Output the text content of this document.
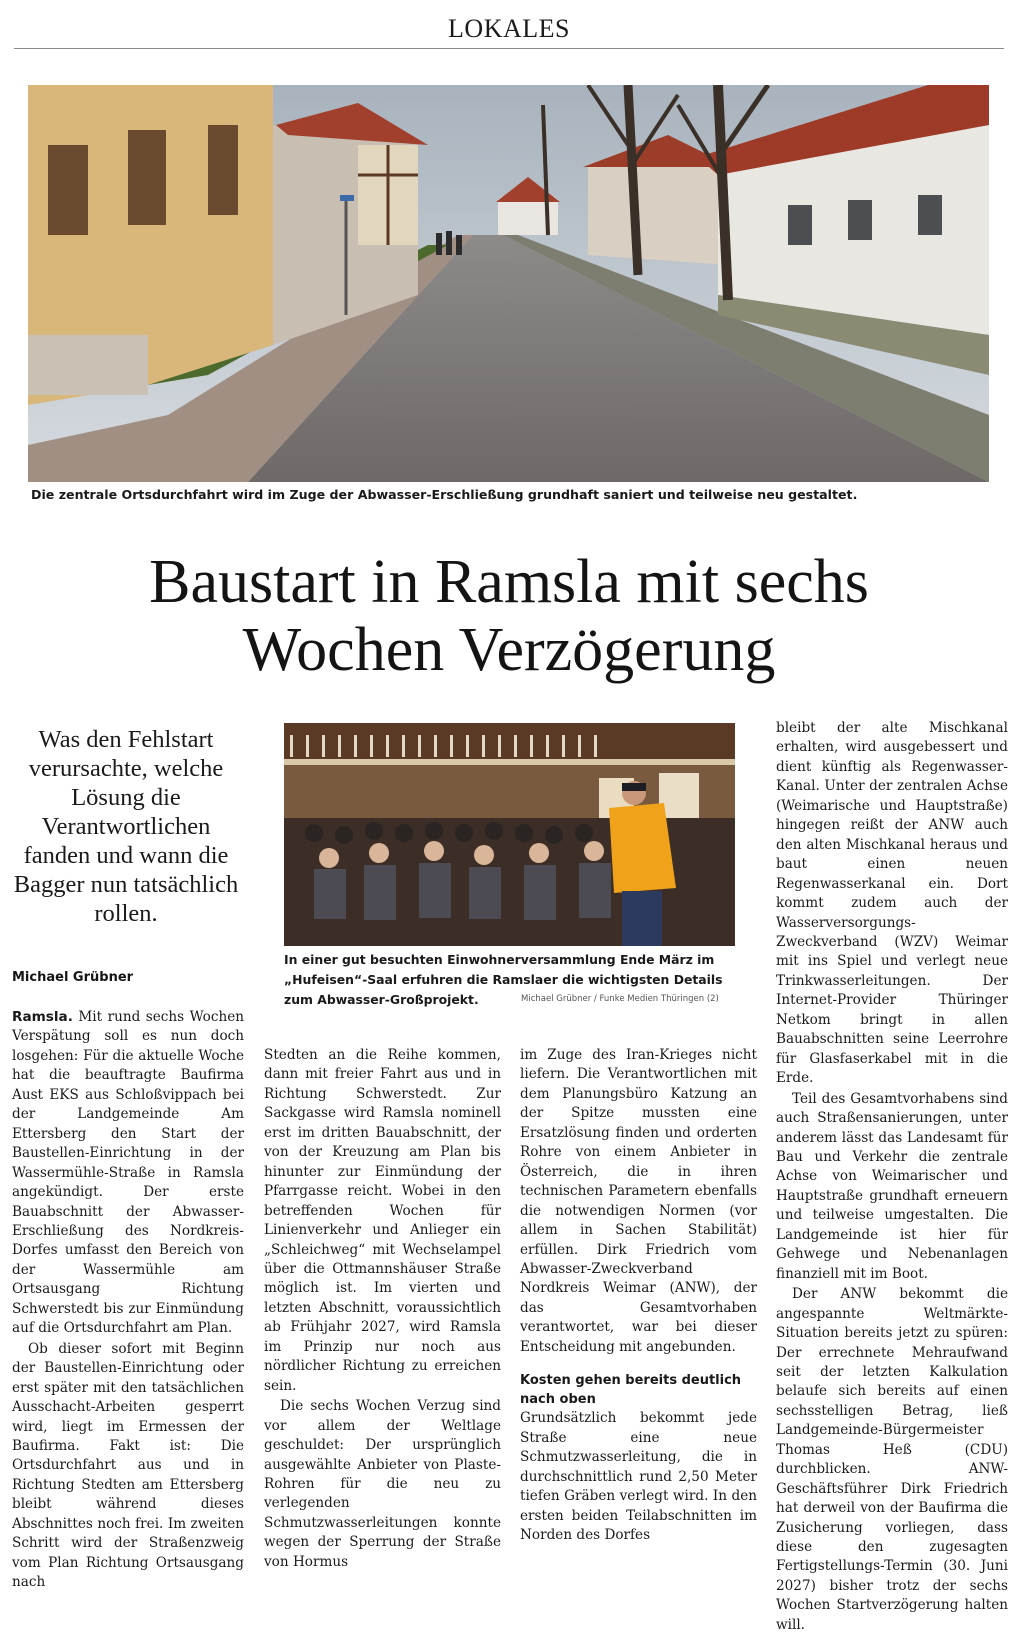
LOKALES
Die zentrale Ortsdurchfahrt wird im Zuge der Abwasser-Erschließung grundhaft saniert und teilweise neu gestaltet.
Baustart in Ramsla mit sechs
Wochen Verzögerung
Was den Fehlstart verursachte, welche Lösung die Verantwortlichen fanden und wann die Bagger nun tatsächlich rollen.
Michael Grübner
In einer gut besuchten Einwohnerversammlung Ende März im „Hufeisen“-Saal erfuhren die Ramslaer die wichtigsten Details zum Abwasser-Großprojekt.	Michael Grübner / Funke Medien Thüringen (2)

Ramsla. Mit rund sechs Wochen Verspätung soll es nun doch losgehen: Für die aktuelle Woche hat die beauftragte Baufirma Aust EKS aus Schloßvippach bei der Landgemeinde Am Ettersberg den Start der Baustellen-Einrichtung in der Wassermühle-Straße in Ramsla angekündigt. Der erste Bauabschnitt der Abwasser-Erschließung des Nordkreis-Dorfes umfasst den Bereich von der Wassermühle am Ortsausgang Richtung Schwerstedt bis zur Einmündung auf die Ortsdurchfahrt am Plan.

Ob dieser sofort mit Beginn der Baustellen-Einrichtung oder erst später mit den tatsächlichen Ausschacht-Arbeiten gesperrt wird, liegt im Ermessen der Baufirma. Fakt ist: Die Ortsdurchfahrt aus und in Richtung Stedten am Ettersberg bleibt während dieses Abschnittes noch frei. Im zweiten Schritt wird der Straßenzweig vom Plan Richtung Ortsausgang nach

Stedten an die Reihe kommen, dann mit freier Fahrt aus und in Richtung Schwerstedt. Zur Sackgasse wird Ramsla nominell erst im dritten Bauabschnitt, der von der Kreuzung am Plan bis hinunter zur Einmündung der Pfarrgasse reicht. Wobei in den betreffenden Wochen für Linienverkehr und Anlieger ein „Schleichweg“ mit Wechselampel über die Ottmannshäuser Straße möglich ist. Im vierten und letzten Abschnitt, voraussichtlich ab Frühjahr 2027, wird Ramsla im Prinzip nur noch aus nördlicher Richtung zu erreichen sein.

Die sechs Wochen Verzug sind vor allem der Weltlage geschuldet: Der ursprünglich ausgewählte Anbieter von Plaste-Rohren für die neu zu verlegenden Schmutzwasserleitungen konnte wegen der Sperrung der Straße von Hormus

im Zuge des Iran-Krieges nicht liefern. Die Verantwortlichen mit dem Planungsbüro Katzung an der Spitze mussten eine Ersatzlösung finden und orderten Rohre von einem Anbieter in Österreich, die in ihren technischen Parametern ebenfalls die notwendigen Normen (vor allem in Sachen Stabilität) erfüllen. Dirk Friedrich vom Abwasser-Zweckverband Nordkreis Weimar (ANW), der das Gesamtvorhaben verantwortet, war bei dieser Entscheidung mit angebunden.

Kosten gehen bereits deutlich nach oben

Grundsätzlich bekommt jede Straße eine neue Schmutzwasserleitung, die in durchschnittlich rund 2,50 Meter tiefen Gräben verlegt wird. In den ersten beiden Teilabschnitten im Norden des Dorfes

bleibt der alte Mischkanal erhalten, wird ausgebessert und dient künftig als Regenwasser-Kanal. Unter der zentralen Achse (Weimarische und Hauptstraße) hingegen reißt der ANW auch den alten Mischkanal heraus und baut einen neuen Regenwasserkanal ein. Dort kommt zudem auch der Wasserversorgungs-Zweckverband (WZV) Weimar mit ins Spiel und verlegt neue Trinkwasserleitungen. Der Internet-Provider Thüringer Netkom bringt in allen Bauabschnitten seine Leerrohre für Glasfaserkabel mit in die Erde.

Teil des Gesamtvorhabens sind auch Straßensanierungen, unter anderem lässt das Landesamt für Bau und Verkehr die zentrale Achse von Weimarischer und Hauptstraße grundhaft erneuern und teilweise umgestalten. Die Landgemeinde ist hier für Gehwege und Nebenanlagen finanziell mit im Boot.

Der ANW bekommt die angespannte Weltmärkte-Situation bereits jetzt zu spüren: Der errechnete Mehraufwand seit der letzten Kalkulation belaufe sich bereits auf einen sechsstelligen Betrag, ließ Landgemeinde-Bürgermeister Thomas Heß (CDU) durchblicken. ANW-Geschäftsführer Dirk Friedrich hat derweil von der Baufirma die Zusicherung vorliegen, dass diese den zugesagten Fertigstellungs-Termin (30. Juni 2027) bisher trotz der sechs Wochen Startverzögerung halten will.
